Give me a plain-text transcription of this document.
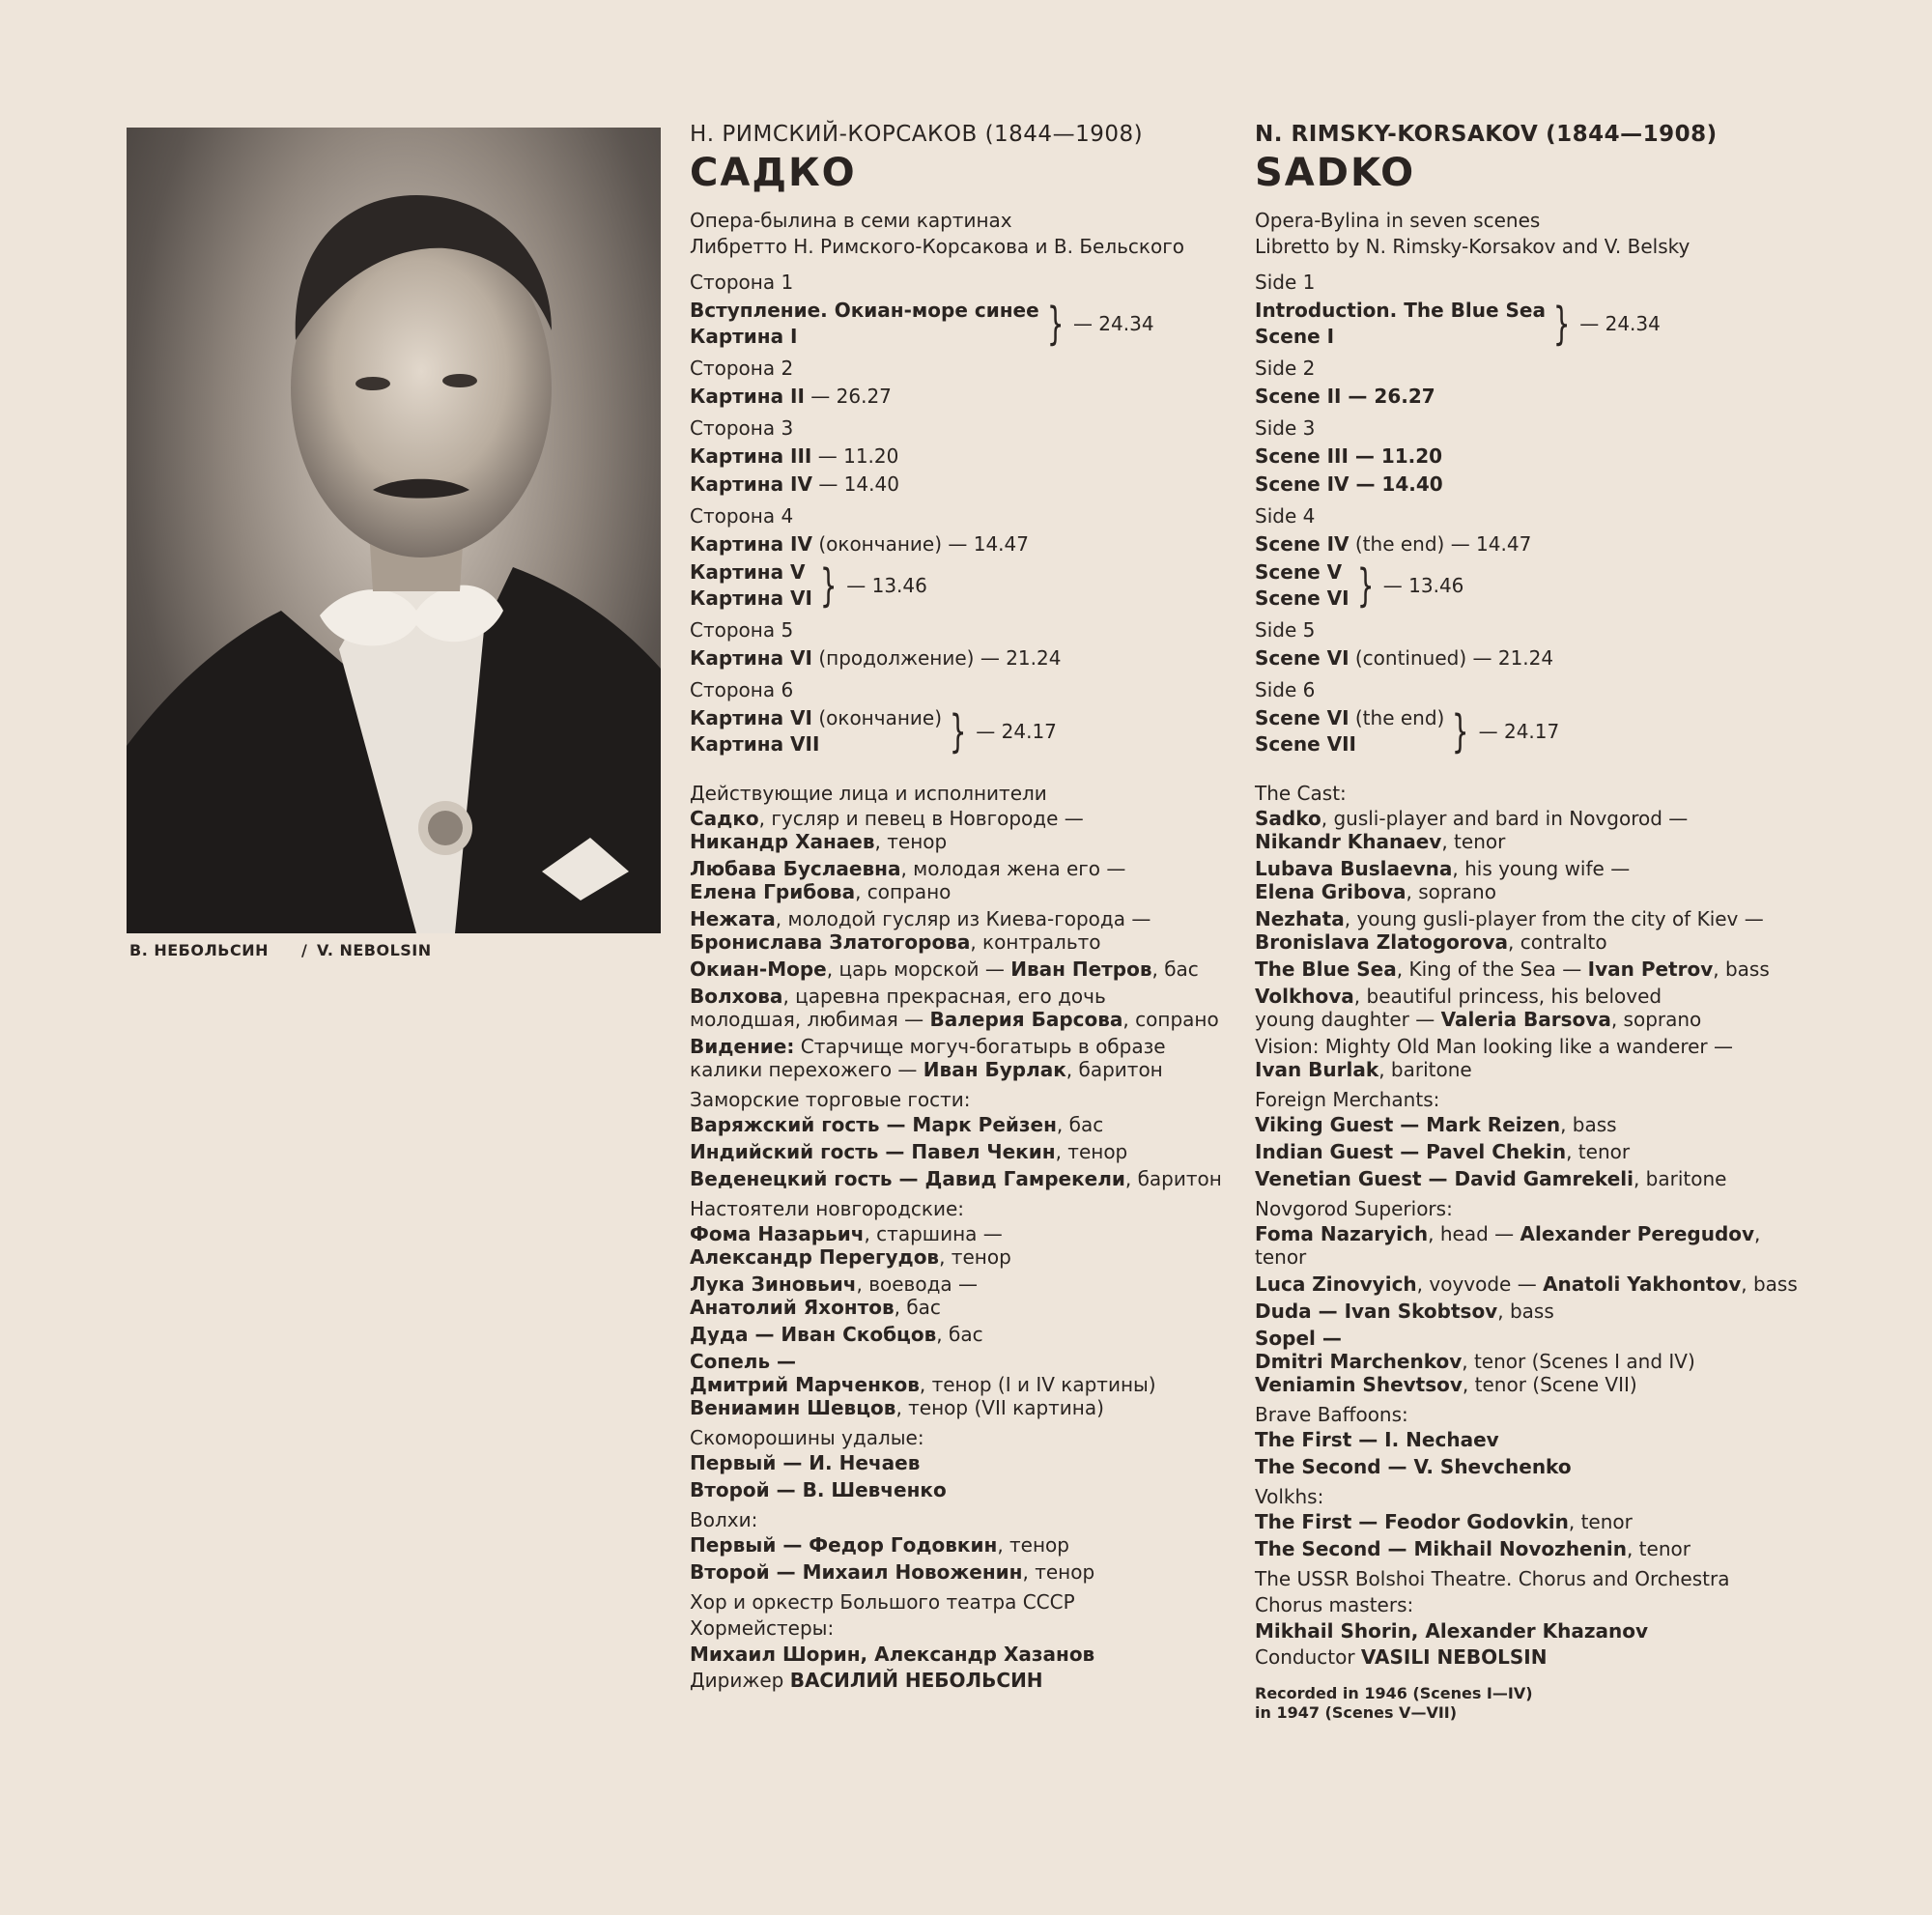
В. НЕБОЛЬСИН / V. NEBOLSIN

Н. РИМСКИЙ-КОРСАКОВ (1844—1908)

САДКО

Опера-былина в семи картинах

Либретто Н. Римского-Корсакова и В. Бельского

Сторона 1
Вступление. Окиан-море синее
Картина I	} — 24.34
Сторона 2
Картина II — 26.27
Сторона 3
Картина III — 11.20
Картина IV — 14.40
Сторона 4
Картина IV (окончание) — 14.47
Картина V
Картина VI } — 13.46
Сторона 5
Картина VI (продолжение) — 21.24
Сторона 6
Картина VI (окончание)
Картина VII	} — 24.17
Действующие лица и исполнители
Садко, гусляр и певец в Новгороде —
Никандр Ханаев, тенор
Любава Буслаевна, молодая жена его —
Елена Грибова, сопрано
Нежата, молодой гусляр из Киева-города —
Бронислава Златогорова, контральто
Окиан-Море, царь морской — Иван Петров, бас
Волхова, царевна прекрасная, его дочь
молодшая, любимая — Валерия Барсова, сопрано
Видение: Старчище могуч-богатырь в образе
калики перехожего — Иван Бурлак, баритон
Заморские торговые гости:
Варяжский гость — Марк Рейзен, бас
Индийский гость — Павел Чекин, тенор
Веденецкий гость — Давид Гамрекели, баритон
Настоятели новгородские:
Фома Назарьич, старшина —
Александр Перегудов, тенор
Лука Зиновьич, воевода —
Анатолий Яхонтов, бас
Дуда — Иван Скобцов, бас
Сопель —
Дмитрий Марченков, тенор (I и IV картины)
Вениамин Шевцов, тенор (VII картина)
Скоморошины удалые:
Первый — И. Нечаев
Второй — В. Шевченко
Волхи:
Первый — Федор Годовкин, тенор
Второй — Михаил Новоженин, тенор
Хор и оркестр Большого театра СССР
Хормейстеры:
Михаил Шорин, Александр Хазанов
Дирижер ВАСИЛИЙ НЕБОЛЬСИН

N. RIMSKY-KORSAKOV (1844—1908)

SADKO

Opera-Bylina in seven scenes

Libretto by N. Rimsky-Korsakov and V. Belsky

Side 1
Introduction. The Blue Sea
Scene I	} — 24.34
Side 2
Scene II — 26.27
Side 3
Scene III — 11.20
Scene IV — 14.40
Side 4
Scene IV (the end) — 14.47
Scene V
Scene VI } — 13.46
Side 5
Scene VI (continued) — 21.24
Side 6
Scene VI (the end)
Scene VII	} — 24.17
The Cast:
Sadko, gusli-player and bard in Novgorod —
Nikandr Khanaev, tenor
Lubava Buslaevna, his young wife —
Elena Gribova, soprano
Nezhata, young gusli-player from the city of Kiev —
Bronislava Zlatogorova, contralto
The Blue Sea, King of the Sea — Ivan Petrov, bass
Volkhova, beautiful princess, his beloved
young daughter — Valeria Barsova, soprano
Vision: Mighty Old Man looking like a wanderer —
Ivan Burlak, baritone
Foreign Merchants:
Viking Guest — Mark Reizen, bass
Indian Guest — Pavel Chekin, tenor
Venetian Guest — David Gamrekeli, baritone
Novgorod Superiors:
Foma Nazaryich, head — Alexander Peregudov, tenor
Luca Zinovyich, voyvode — Anatoli Yakhontov, bass
Duda — Ivan Skobtsov, bass
Sopel —
Dmitri Marchenkov, tenor (Scenes I and IV)
Veniamin Shevtsov, tenor (Scene VII)
Brave Baffoons:
The First — I. Nechaev
The Second — V. Shevchenko
Volkhs:
The First — Feodor Godovkin, tenor
The Second — Mikhail Novozhenin, tenor
The USSR Bolshoi Theatre. Chorus and Orchestra
Chorus masters:
Mikhail Shorin, Alexander Khazanov
Conductor VASILI NEBOLSIN
Recorded in 1946 (Scenes I—IV)
in 1947 (Scenes V—VII)
